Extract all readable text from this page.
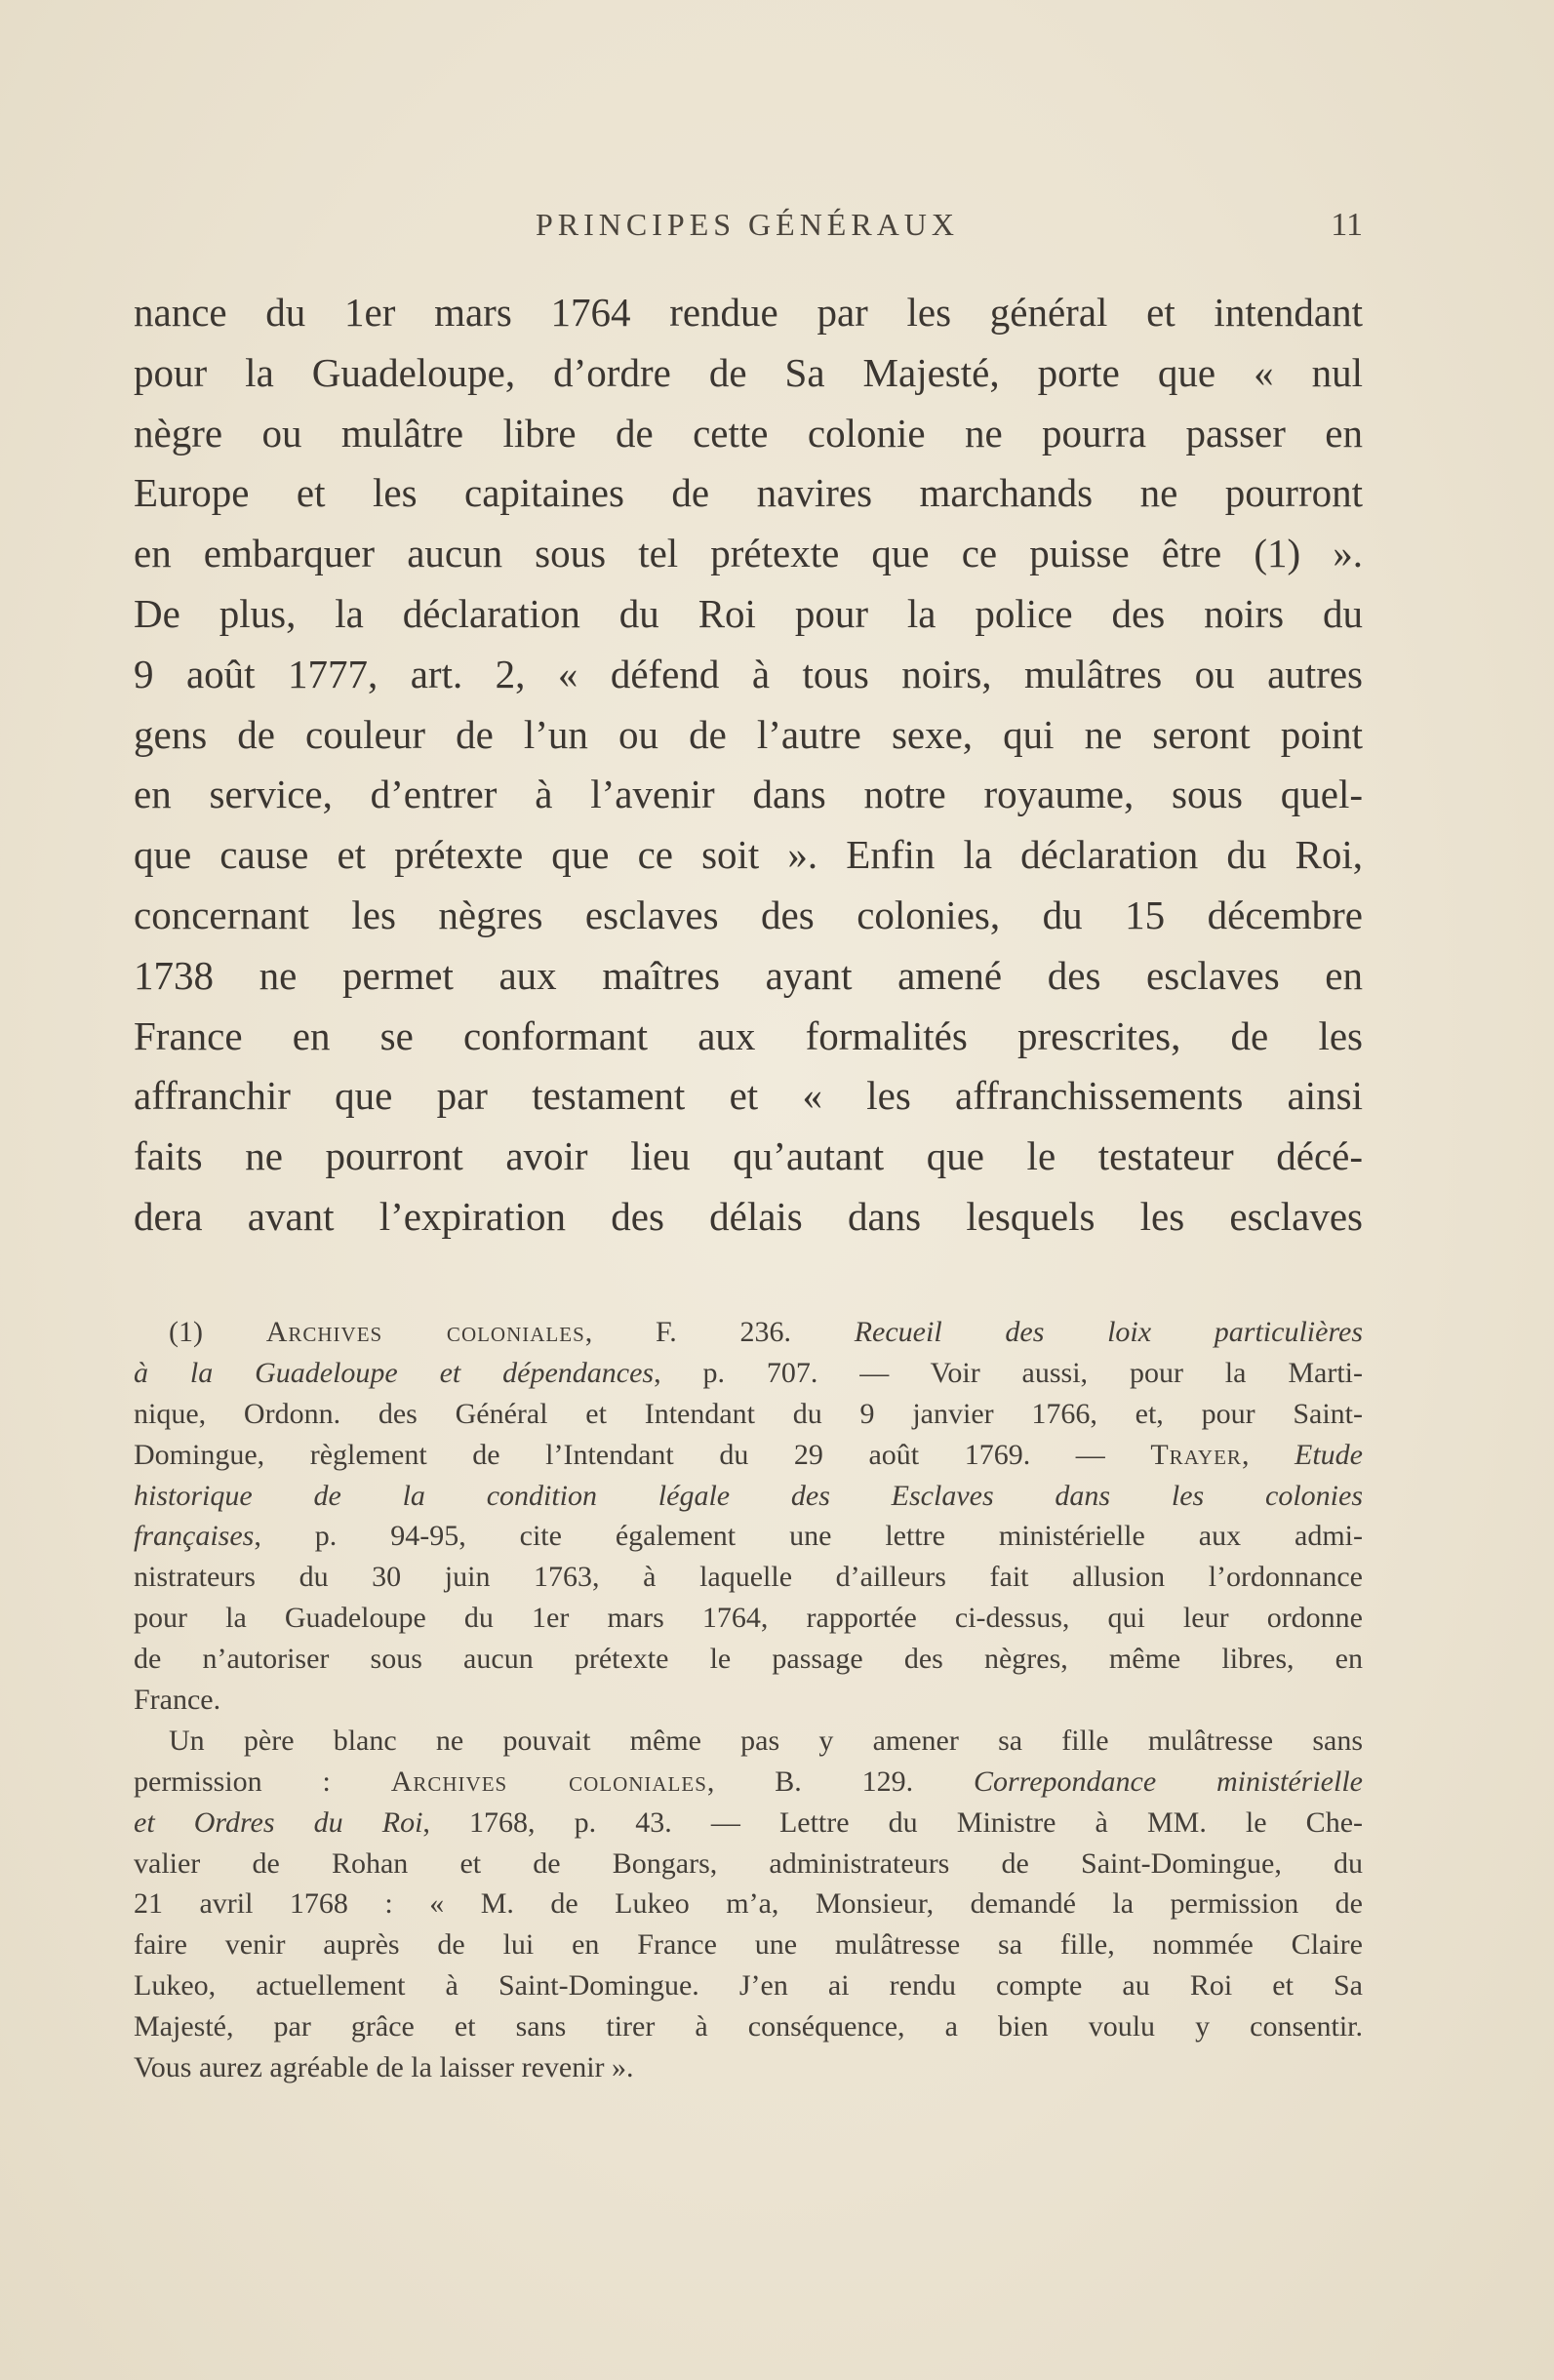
PRINCIPES GÉNÉRAUX	11
nance du 1er mars 1764 rendue par les général et intendant
pour la Guadeloupe, d’ordre de Sa Majesté, porte que « nul
nègre ou mulâtre libre de cette colonie ne pourra passer en
Europe et les capitaines de navires marchands ne pourront
en embarquer aucun sous tel prétexte que ce puisse être (1) ».
De plus, la déclaration du Roi pour la police des noirs du
9 août 1777, art. 2, « défend à tous noirs, mulâtres ou autres
gens de couleur de l’un ou de l’autre sexe, qui ne seront point
en service, d’entrer à l’avenir dans notre royaume, sous quel-
que cause et prétexte que ce soit ». Enfin la déclaration du Roi,
concernant les nègres esclaves des colonies, du 15 décembre
1738 ne permet aux maîtres ayant amené des esclaves en
France en se conformant aux formalités prescrites, de les
affranchir que par testament et « les affranchissements ainsi
faits ne pourront avoir lieu qu’autant que le testateur décé-
dera avant l’expiration des délais dans lesquels les esclaves
(1) Archives coloniales, F. 236. Recueil des loix particulières
à la Guadeloupe et dépendances, p. 707. — Voir aussi, pour la Marti-
nique, Ordonn. des Général et Intendant du 9 janvier 1766, et, pour Saint-
Domingue, règlement de l’Intendant du 29 août 1769. — Trayer, Etude
historique de la condition légale des Esclaves dans les colonies
françaises, p. 94-95, cite également une lettre ministérielle aux admi-
nistrateurs du 30 juin 1763, à laquelle d’ailleurs fait allusion l’ordonnance
pour la Guadeloupe du 1er mars 1764, rapportée ci-dessus, qui leur ordonne
de n’autoriser sous aucun prétexte le passage des nègres, même libres, en
France.
Un père blanc ne pouvait même pas y amener sa fille mulâtresse sans
permission : Archives coloniales, B. 129. Correpondance ministérielle
et Ordres du Roi, 1768, p. 43. — Lettre du Ministre à MM. le Che-
valier de Rohan et de Bongars, administrateurs de Saint-Domingue, du
21 avril 1768 : « M. de Lukeo m’a, Monsieur, demandé la permission de
faire venir auprès de lui en France une mulâtresse sa fille, nommée Claire
Lukeo, actuellement à Saint-Domingue. J’en ai rendu compte au Roi et Sa
Majesté, par grâce et sans tirer à conséquence, a bien voulu y consentir.
Vous aurez agréable de la laisser revenir ».
